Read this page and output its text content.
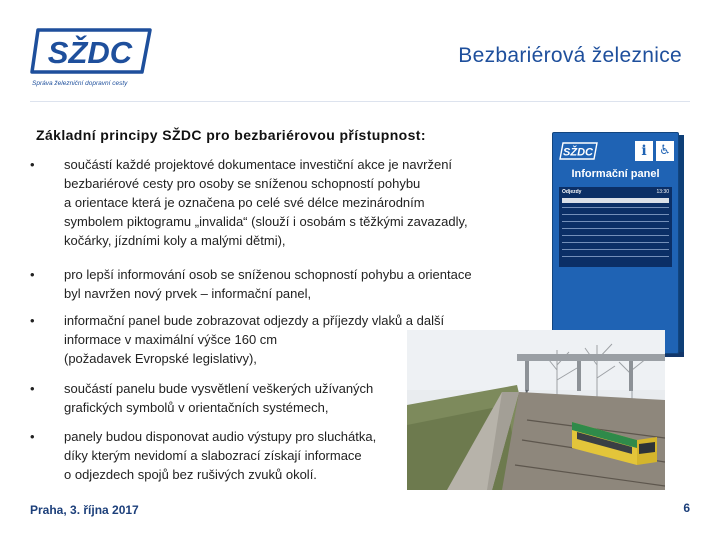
SŽDC
Správa železniční dopravní cesty
Bezbariérová železnice
Základní principy SŽDC pro bezbariérovou přístupnost:
•	součástí každé projektové dokumentace investiční akce je navržení
bezbariérové cesty pro osoby se sníženou schopností pohybu
a orientace která je označena po celé své délce mezinárodním
symbolem piktogramu „invalida“ (slouží i osobám s těžkými zavazadly,
kočárky, jízdními koly a malými dětmi),
•	pro lepší informování osob se sníženou schopností pohybu a orientace
byl navržen nový prvek – informační panel,
•	informační panel bude zobrazovat odjezdy a příjezdy vlaků a další
informace v maximální výšce 160 cm
(požadavek Evropské legislativy),
•	součástí panelu bude vysvětlení veškerých užívaných
grafických symbolů v orientačních systémech,
•	panely budou disponovat audio výstupy pro sluchátka,
díky kterým nevidomí a slabozrací získají informace
o odjezdech spojů bez rušivých zvuků okolí.
SŽDC	i ♿
Informační panel
Odjezdy	13:30
Praha, 3. října 2017	6
